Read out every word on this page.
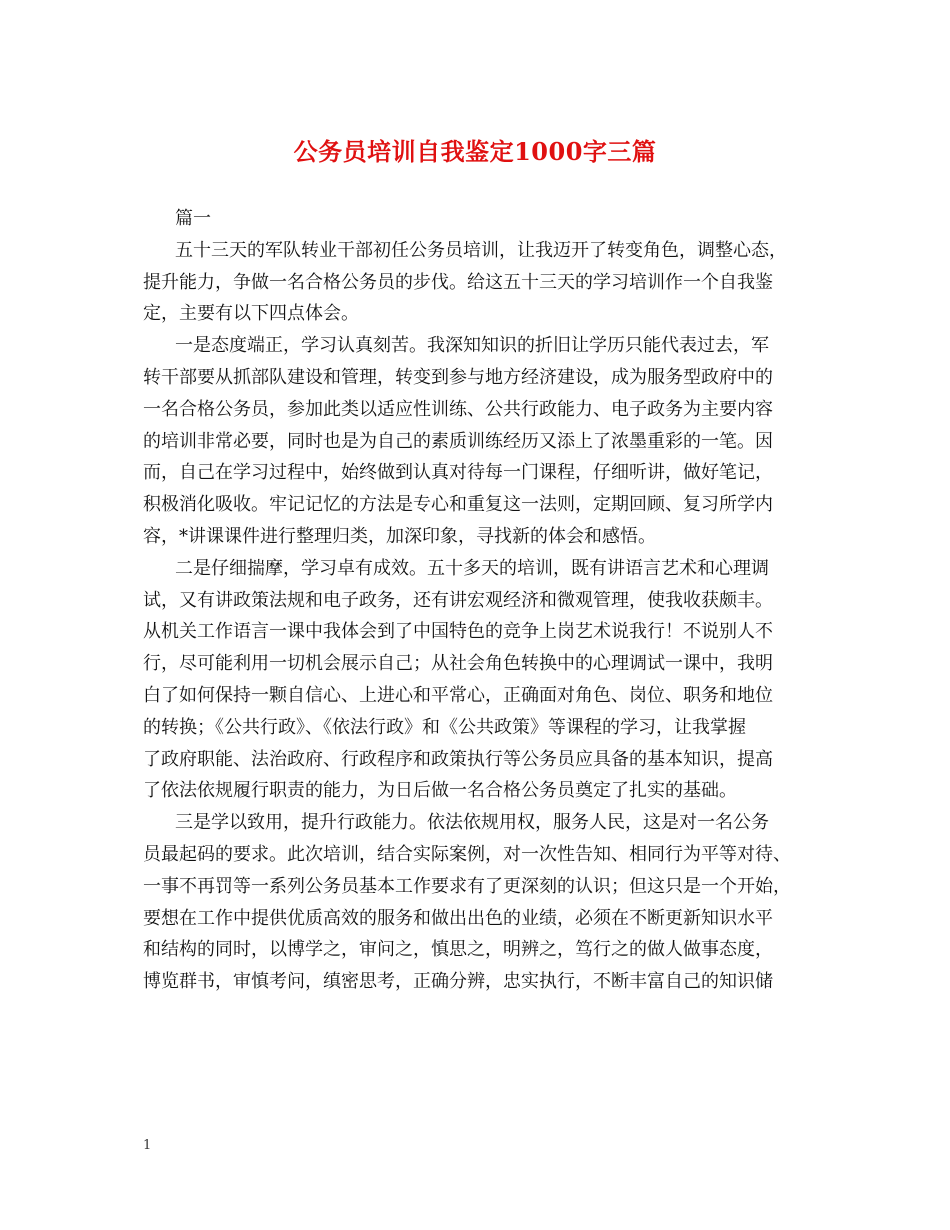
公务员培训自我鉴定1000字三篇
篇一
五十三天的军队转业干部初任公务员培训，让我迈开了转变角色，调整心态，
提升能力，争做一名合格公务员的步伐。给这五十三天的学习培训作一个自我鉴
定，主要有以下四点体会。
一是态度端正，学习认真刻苦。我深知知识的折旧让学历只能代表过去，军
转干部要从抓部队建设和管理，转变到参与地方经济建设，成为服务型政府中的
一名合格公务员，参加此类以适应性训练、公共行政能力、电子政务为主要内容
的培训非常必要，同时也是为自己的素质训练经历又添上了浓墨重彩的一笔。因
而，自己在学习过程中，始终做到认真对待每一门课程，仔细听讲，做好笔记，
积极消化吸收。牢记记忆的方法是专心和重复这一法则，定期回顾、复习所学内
容，*讲课课件进行整理归类，加深印象，寻找新的体会和感悟。
二是仔细揣摩，学习卓有成效。五十多天的培训，既有讲语言艺术和心理调
试，又有讲政策法规和电子政务，还有讲宏观经济和微观管理，使我收获颇丰。
从机关工作语言一课中我体会到了中国特色的竞争上岗艺术说我行！不说别人不
行，尽可能利用一切机会展示自己；从社会角色转换中的心理调试一课中，我明
白了如何保持一颗自信心、上进心和平常心，正确面对角色、岗位、职务和地位
的转换；《公共行政》、《依法行政》和《公共政策》等课程的学习，让我掌握
了政府职能、法治政府、行政程序和政策执行等公务员应具备的基本知识，提高
了依法依规履行职责的能力，为日后做一名合格公务员奠定了扎实的基础。
三是学以致用，提升行政能力。依法依规用权，服务人民，这是对一名公务
员最起码的要求。此次培训，结合实际案例，对一次性告知、相同行为平等对待、
一事不再罚等一系列公务员基本工作要求有了更深刻的认识；但这只是一个开始，
要想在工作中提供优质高效的服务和做出出色的业绩，必须在不断更新知识水平
和结构的同时，以博学之，审问之，慎思之，明辨之，笃行之的做人做事态度，
博览群书，审慎考问，缜密思考，正确分辨，忠实执行，不断丰富自己的知识储
1
